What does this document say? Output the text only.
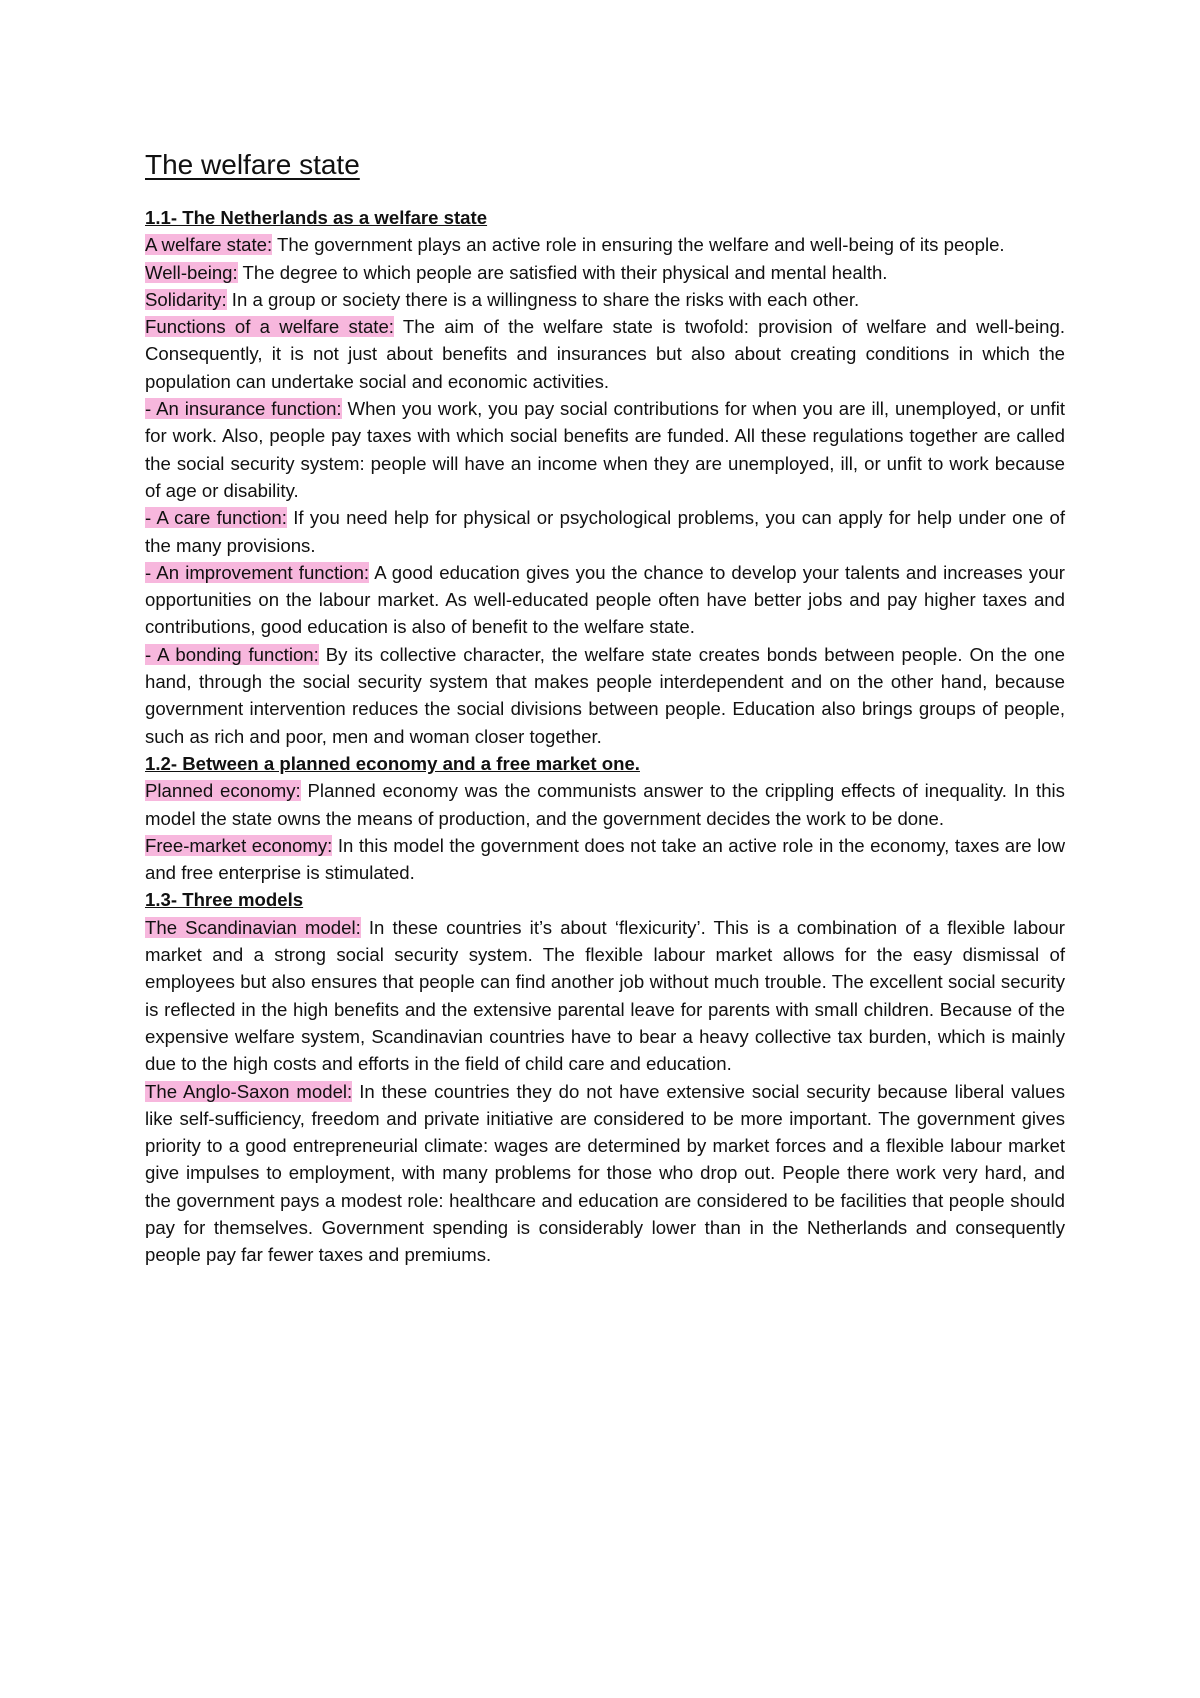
The welfare state

1.1- The Netherlands as a welfare state

A welfare state: The government plays an active role in ensuring the welfare and well-being of its people.

Well-being: The degree to which people are satisfied with their physical and mental health.

Solidarity: In a group or society there is a willingness to share the risks with each other.

Functions of a welfare state: The aim of the welfare state is twofold: provision of welfare and well-being. Consequently, it is not just about benefits and insurances but also about creating conditions in which the population can undertake social and economic activities.

- An insurance function: When you work, you pay social contributions for when you are ill, unemployed, or unfit for work. Also, people pay taxes with which social benefits are funded. All these regulations together are called the social security system: people will have an income when they are unemployed, ill, or unfit to work because of age or disability.

- A care function: If you need help for physical or psychological problems, you can apply for help under one of the many provisions.

- An improvement function: A good education gives you the chance to develop your talents and increases your opportunities on the labour market. As well-educated people often have better jobs and pay higher taxes and contributions, good education is also of benefit to the welfare state.

- A bonding function: By its collective character, the welfare state creates bonds between people. On the one hand, through the social security system that makes people interdependent and on the other hand, because government intervention reduces the social divisions between people. Education also brings groups of people, such as rich and poor, men and woman closer together.

1.2- Between a planned economy and a free market one.

Planned economy: Planned economy was the communists answer to the crippling effects of inequality. In this model the state owns the means of production, and the government decides the work to be done.

Free-market economy: In this model the government does not take an active role in the economy, taxes are low and free enterprise is stimulated.

1.3- Three models

The Scandinavian model: In these countries it’s about ‘flexicurity’. This is a combination of a flexible labour market and a strong social security system. The flexible labour market allows for the easy dismissal of employees but also ensures that people can find another job without much trouble. The excellent social security is reflected in the high benefits and the extensive parental leave for parents with small children. Because of the expensive welfare system, Scandinavian countries have to bear a heavy collective tax burden, which is mainly due to the high costs and efforts in the field of child care and education.

The Anglo-Saxon model: In these countries they do not have extensive social security because liberal values like self-sufficiency, freedom and private initiative are considered to be more important. The government gives priority to a good entrepreneurial climate: wages are determined by market forces and a flexible labour market give impulses to employment, with many problems for those who drop out. People there work very hard, and the government pays a modest role: healthcare and education are considered to be facilities that people should pay for themselves. Government spending is considerably lower than in the Netherlands and consequently people pay far fewer taxes and premiums.
